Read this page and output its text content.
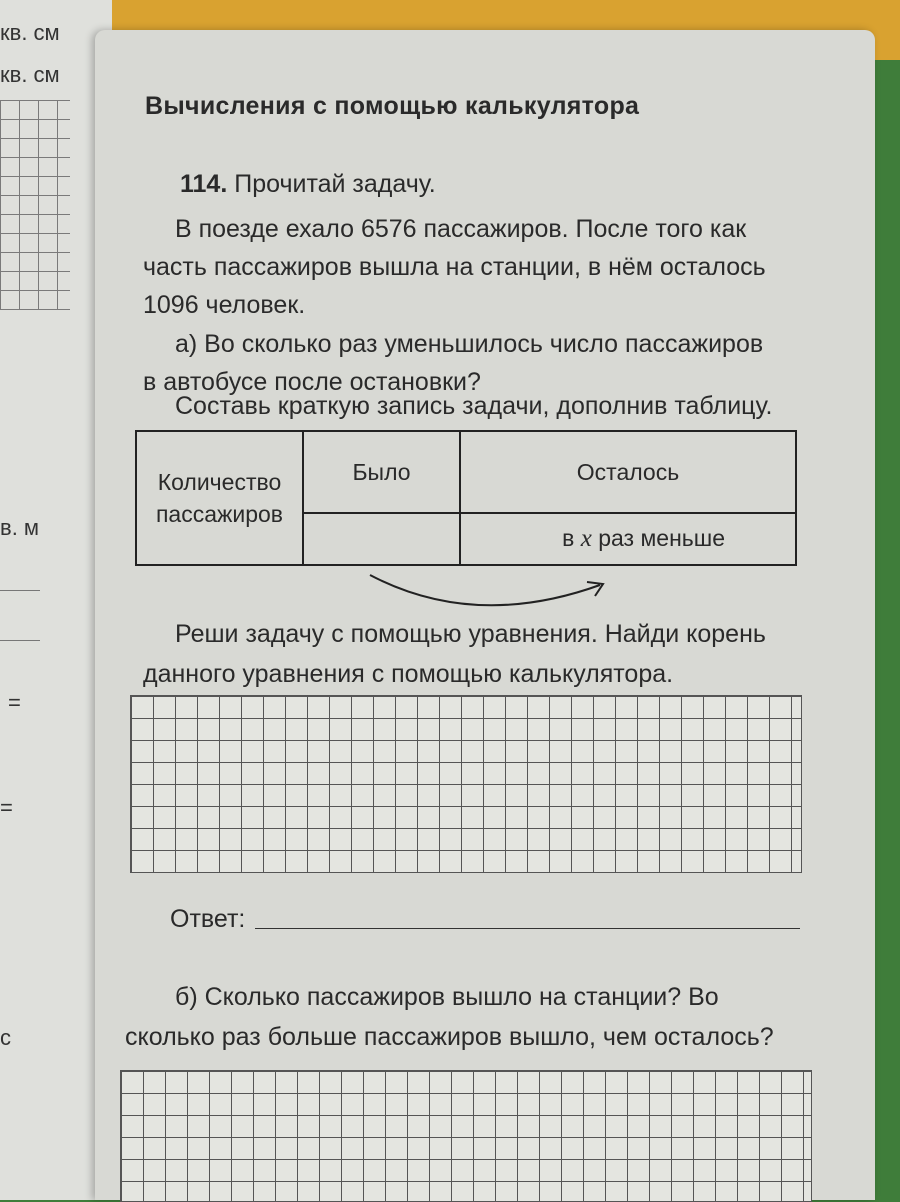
кв. см
кв. см
в. м
=
=
с
Вычисления с помощью калькулятора
114. Прочитай задачу.
В поезде ехало 6576 пассажиров. После того как
часть пассажиров вышла на станции, в нём осталось
1096 человек.
а) Во сколько раз уменьшилось число пассажиров
в автобусе после остановки?
Составь краткую запись задачи, дополнив таблицу.
Количество пассажиров	Было	Осталось
		в x раз меньше
Реши задачу с помощью уравнения. Найди корень
данного уравнения с помощью калькулятора.
Ответ:
б) Сколько пассажиров вышло на станции? Во
сколько раз больше пассажиров вышло, чем осталось?
